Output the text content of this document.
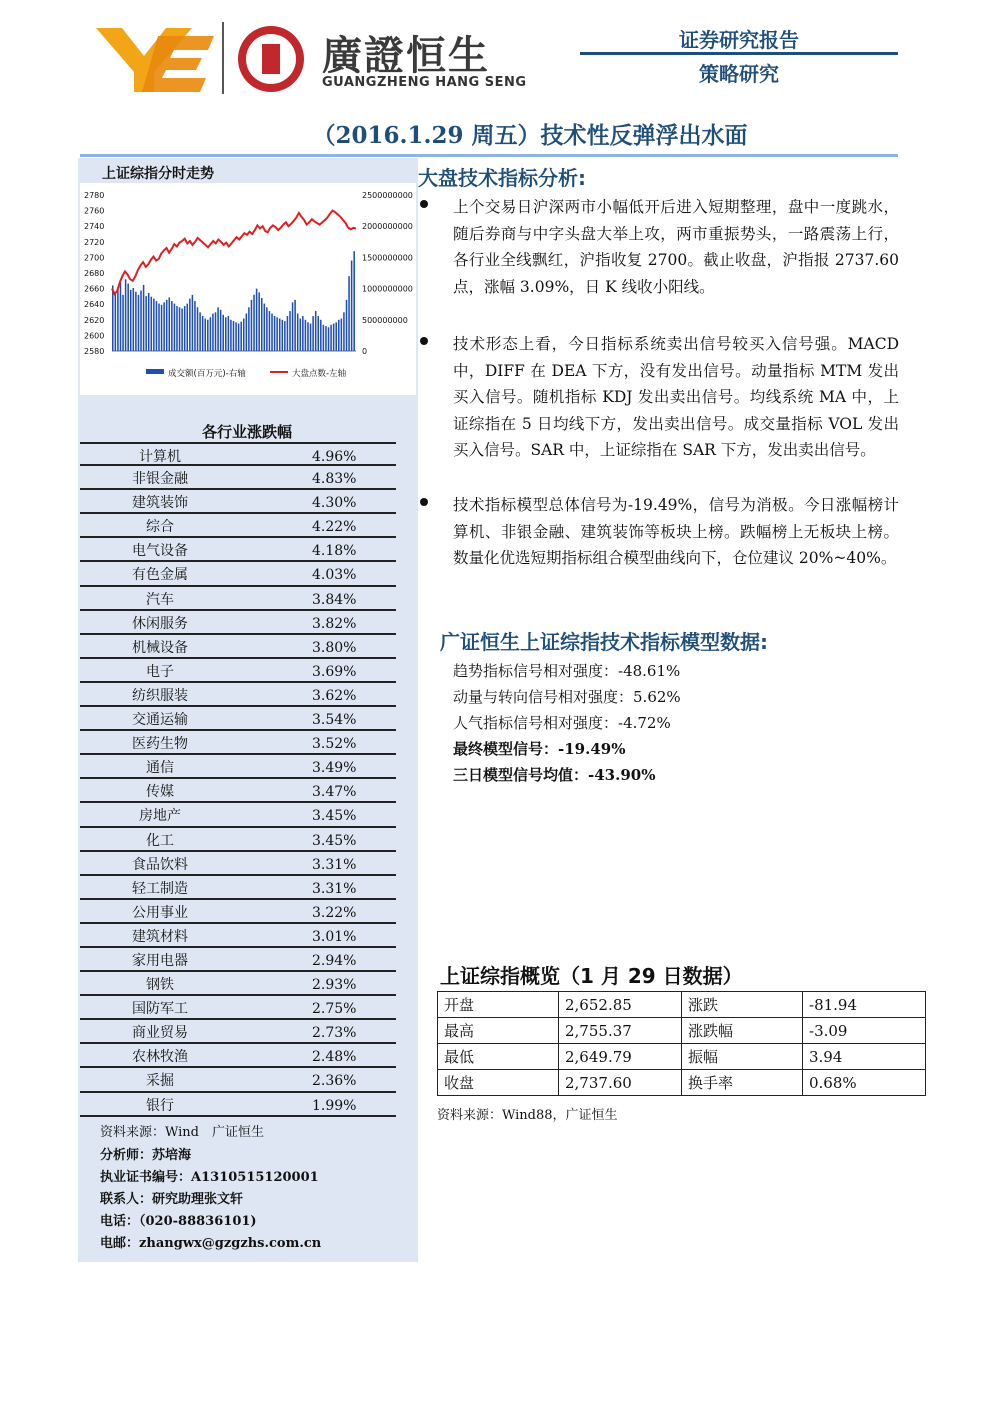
廣證恒生
GUANGZHENG HANG SENG
证券研究报告
策略研究
（2016.1.29 周五）技术性反弹浮出水面
上证综指分时走势
2780
2760
2740
2720
2700
2680
2660
2640
2620
2600
2580
2500000000
2000000000
1500000000
1000000000
500000000
0
成交额(百万元)-右轴	大盘点数-左轴
各行业涨跌幅
计算机	4.96%
非银金融	4.83%
建筑装饰	4.30%
综合	4.22%
电气设备	4.18%
有色金属	4.03%
汽车	3.84%
休闲服务	3.82%
机械设备	3.80%
电子	3.69%
纺织服装	3.62%
交通运输	3.54%
医药生物	3.52%
通信	3.49%
传媒	3.47%
房地产	3.45%
化工	3.45%
食品饮料	3.31%
轻工制造	3.31%
公用事业	3.22%
建筑材料	3.01%
家用电器	2.94%
钢铁	2.93%
国防军工	2.75%
商业贸易	2.73%
农林牧渔	2.48%
采掘	2.36%
银行	1.99%
资料来源：Wind　广证恒生
分析师：苏培海
执业证书编号：A1310515120001
联系人：研究助理张文轩
电话：（020-88836101)
电邮：zhangwx@gzgzhs.com.cn
大盘技术指标分析:
上个交易日沪深两市小幅低开后进入短期整理，盘中一度跳水，随后券商与中字头盘大举上攻，两市重振势头，一路震荡上行，各行业全线飘红，沪指收复 2700。截止收盘，沪指报 2737.60 点，涨幅 3.09%，日 K 线收小阳线。
技术形态上看，今日指标系统卖出信号较买入信号强。MACD 中，DIFF 在 DEA 下方，没有发出信号。动量指标 MTM 发出买入信号。随机指标 KDJ 发出卖出信号。均线系统 MA 中，上证综指在 5 日均线下方，发出卖出信号。成交量指标 VOL 发出买入信号。SAR 中，上证综指在 SAR 下方，发出卖出信号。
技术指标模型总体信号为-19.49%，信号为消极。今日涨幅榜计算机、非银金融、建筑装饰等板块上榜。跌幅榜上无板块上榜。数量化优选短期指标组合模型曲线向下，仓位建议 20%~40%。
广证恒生上证综指技术指标模型数据:
趋势指标信号相对强度：-48.61%
动量与转向信号相对强度：5.62%
人气指标信号相对强度：-4.72%
最终模型信号：-19.49%
三日模型信号均值：-43.90%
上证综指概览（1 月 29 日数据）
开盘	2,652.85	涨跌	-81.94
最高	2,755.37	涨跌幅	-3.09
最低	2,649.79	振幅	3.94
收盘	2,737.60	换手率	0.68%
资料来源：Wind88，广证恒生
